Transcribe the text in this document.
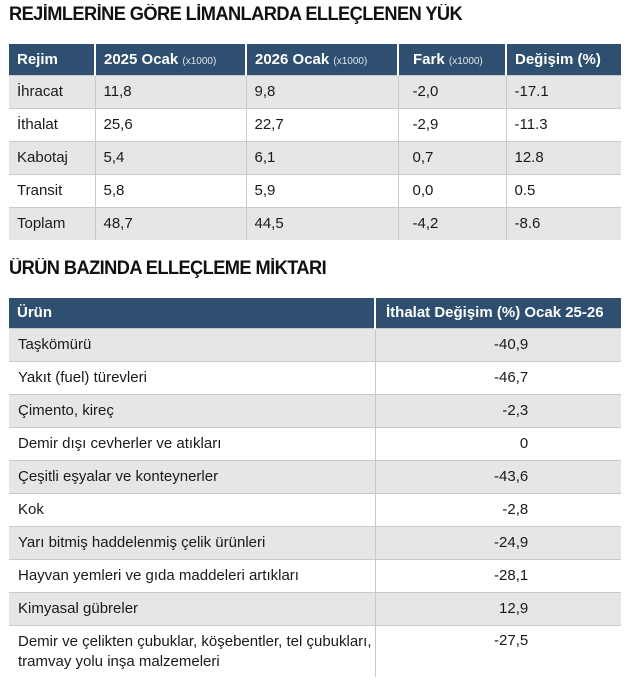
REJİMLERİNE GÖRE LİMANLARDA ELLEÇLENEN YÜK
Rejim	2025 Ocak (x1000)	2026 Ocak (x1000)	Fark (x1000)	Değişim (%)
İhracat	11,8	9,8	-2,0	-17.1
İthalat	25,6	22,7	-2,9	-11.3
Kabotaj	5,4	6,1	0,7	12.8
Transit	5,8	5,9	0,0	0.5
Toplam	48,7	44,5	-4,2	-8.6
ÜRÜN BAZINDA ELLEÇLEME MİKTARI
Ürün	İthalat Değişim (%) Ocak 25-26
Taşkömürü	-40,9
Yakıt (fuel) türevleri	-46,7
Çimento, kireç	-2,3
Demir dışı cevherler ve atıkları	0
Çeşitli eşyalar ve konteynerler	-43,6
Kok	-2,8
Yarı bitmiş haddelenmiş çelik ürünleri	-24,9
Hayvan yemleri ve gıda maddeleri artıkları	-28,1
Kimyasal gübreler	12,9
Demir ve çelikten çubuklar, köşebentler, tel çubukları, tramvay yolu inşa malzemeleri	-27,5
